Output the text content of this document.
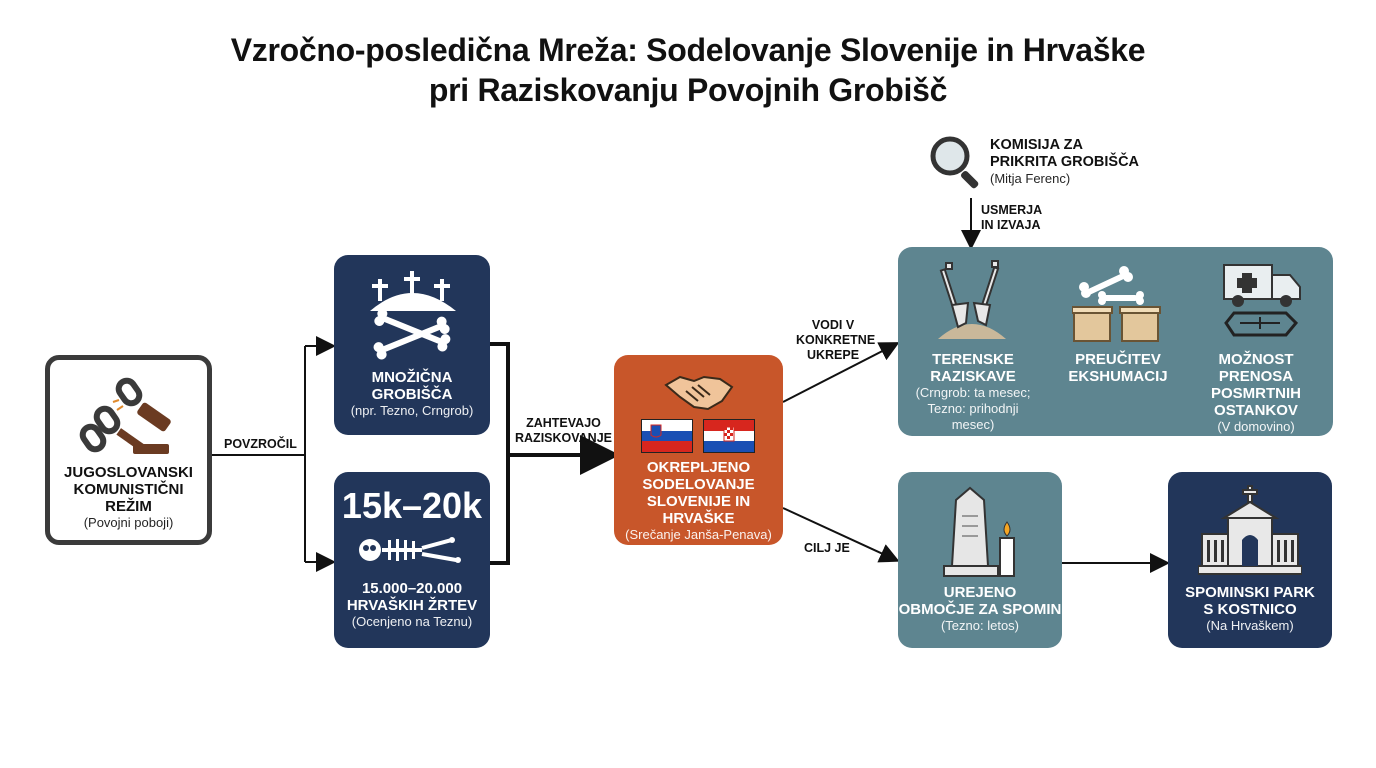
Vzročno-posledična Mreža: Sodelovanje Slovenije in Hrvaške
pri Raziskovanju Povojnih Grobišč
POVZROČIL
ZAHTEVAJO
RAZISKOVANJE
VODI V
KONKRETNE
UKREPE
CILJ JE
USMERJA
IN IZVAJA
JUGOSLOVANSKI
KOMUNISTIČNI
REŽIM
(Povojni poboji)
MNOŽIČNA
GROBIŠČA
(npr. Tezno, Crngrob)
15k–20k
15.000–20.000
HRVAŠKIH ŽRTEV
(Ocenjeno na Teznu)
OKREPLJENO
SODELOVANJE
SLOVENIJE IN HRVAŠKE
(Srečanje Janša-Penava)
KOMISIJA ZA
PRIKRITA GROBIŠČA
(Mitja Ferenc)
TERENSKE
RAZISKAVE
(Crngrob: ta mesec;
Tezno: prihodnji mesec)
PREUČITEV
EKSHUMACIJ
MOŽNOST PRENOSA
POSMRTNIH
OSTANKOV
(V domovino)
UREJENO
OBMOČJE ZA SPOMIN
(Tezno: letos)
SPOMINSKI PARK
S KOSTNICO
(Na Hrvaškem)
